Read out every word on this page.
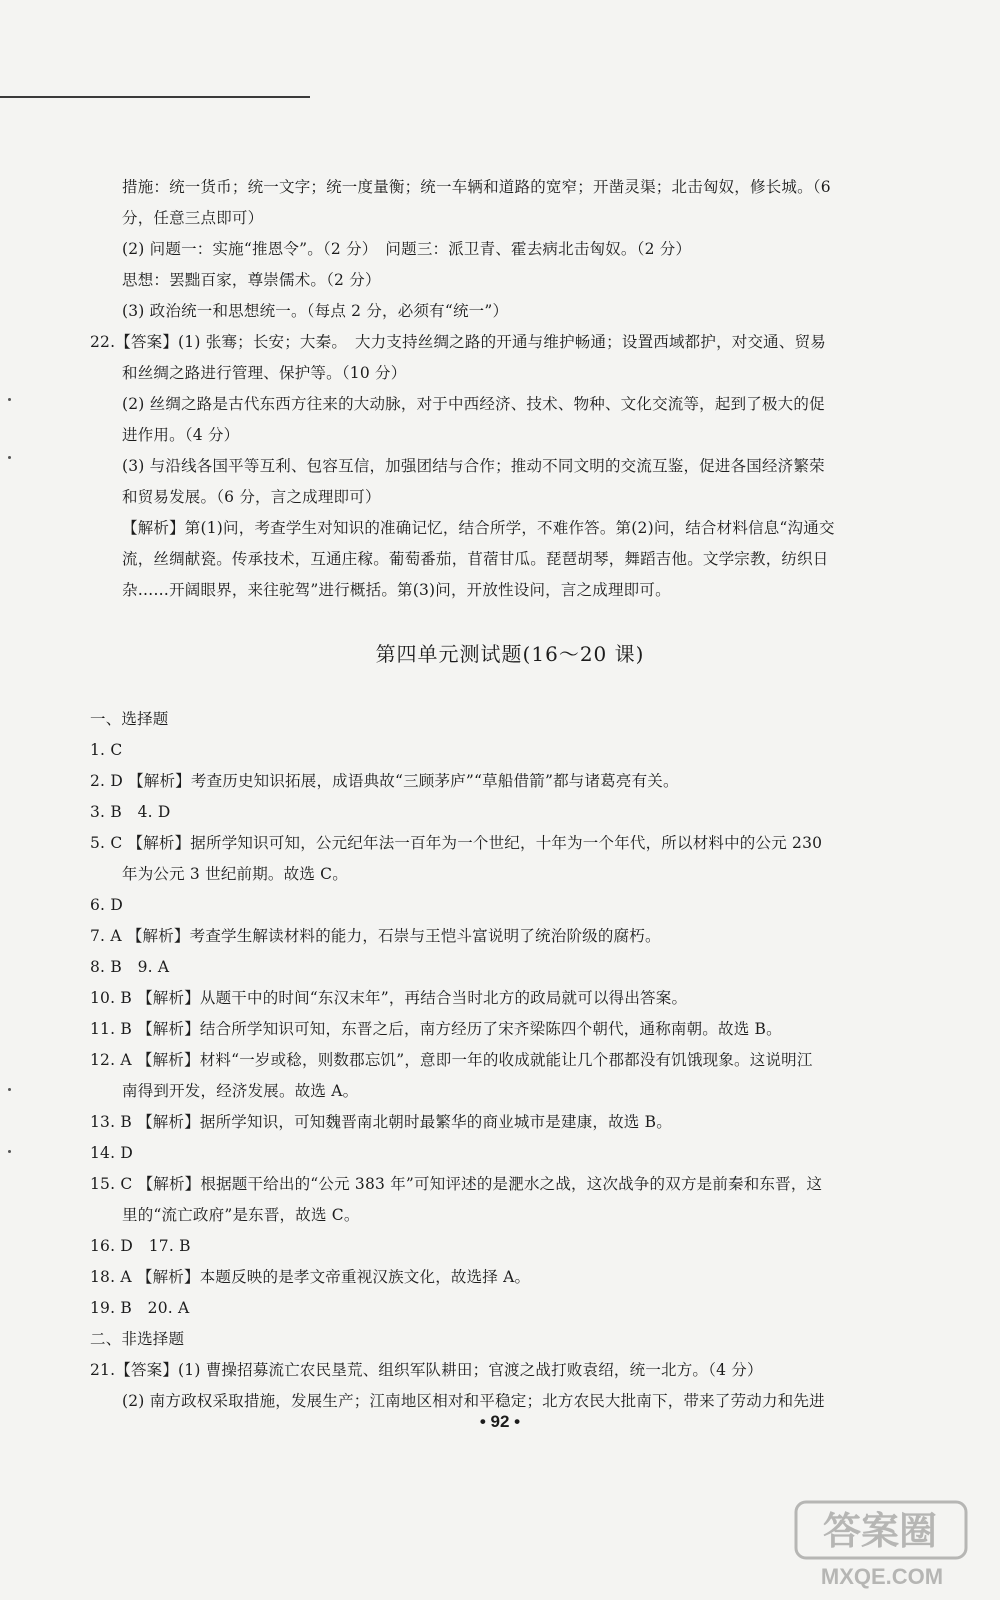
措施：统一货币；统一文字；统一度量衡；统一车辆和道路的宽窄；开凿灵渠；北击匈奴，修长城。（6
分，任意三点即可）
(2) 问题一：实施“推恩令”。（2 分）　问题三：派卫青、霍去病北击匈奴。（2 分）
思想：罢黜百家，尊崇儒术。（2 分）
(3) 政治统一和思想统一。（每点 2 分，必须有“统一”）
22.【答案】(1) 张骞；长安；大秦。　大力支持丝绸之路的开通与维护畅通；设置西域都护，对交通、贸易
和丝绸之路进行管理、保护等。（10 分）
(2) 丝绸之路是古代东西方往来的大动脉，对于中西经济、技术、物种、文化交流等，起到了极大的促
进作用。（4 分）
(3) 与沿线各国平等互利、包容互信，加强团结与合作；推动不同文明的交流互鉴，促进各国经济繁荣
和贸易发展。（6 分，言之成理即可）
【解析】第(1)问，考查学生对知识的准确记忆，结合所学，不难作答。第(2)问，结合材料信息“沟通交
流，丝绸献瓷。传承技术，互通庄稼。葡萄番茄，苜蓿甘瓜。琵琶胡琴，舞蹈吉他。文学宗教，纺织日
杂……开阔眼界，来往驼驾”进行概括。第(3)问，开放性设问，言之成理即可。
第四单元测试题(16～20 课)
一、选择题
1. C
2. D 【解析】考查历史知识拓展，成语典故“三顾茅庐”“草船借箭”都与诸葛亮有关。
3. B　4. D
5. C 【解析】据所学知识可知，公元纪年法一百年为一个世纪，十年为一个年代，所以材料中的公元 230
年为公元 3 世纪前期。故选 C。
6. D
7. A 【解析】考查学生解读材料的能力，石崇与王恺斗富说明了统治阶级的腐朽。
8. B　9. A
10. B 【解析】从题干中的时间“东汉末年”，再结合当时北方的政局就可以得出答案。
11. B 【解析】结合所学知识可知，东晋之后，南方经历了宋齐梁陈四个朝代，通称南朝。故选 B。
12. A 【解析】材料“一岁或稔，则数郡忘饥”，意即一年的收成就能让几个郡都没有饥饿现象。这说明江
南得到开发，经济发展。故选 A。
13. B 【解析】据所学知识，可知魏晋南北朝时最繁华的商业城市是建康，故选 B。
14. D
15. C 【解析】根据题干给出的“公元 383 年”可知评述的是淝水之战，这次战争的双方是前秦和东晋，这
里的“流亡政府”是东晋，故选 C。
16. D　17. B
18. A 【解析】本题反映的是孝文帝重视汉族文化，故选择 A。
19. B　20. A
二、非选择题
21.【答案】(1) 曹操招募流亡农民垦荒、组织军队耕田；官渡之战打败袁绍，统一北方。（4 分）
(2) 南方政权采取措施，发展生产；江南地区相对和平稳定；北方农民大批南下，带来了劳动力和先进
• 92 •
答案圈
MXQE.COM
